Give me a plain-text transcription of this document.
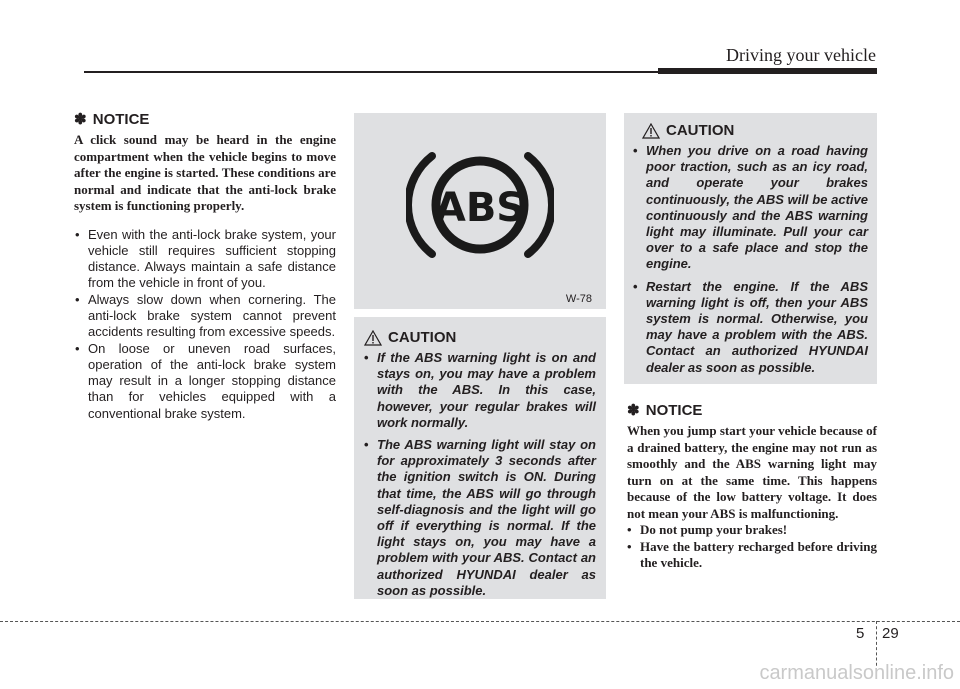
Driving your vehicle
✽ NOTICE

A click sound may be heard in the engine compartment when the vehicle begins to move after the engine is started. These conditions are normal and indicate that the anti-lock brake system is functioning properly.

• Even with the anti-lock brake system, your vehicle still requires sufficient stopping distance. Always maintain a safe distance from the vehicle in front of you.
• Always slow down when cornering. The anti-lock brake system cannot prevent accidents resulting from excessive speeds.
• On loose or uneven road surfaces, operation of the anti-lock brake system may result in a longer stopping distance than for vehicles equipped with a conventional brake system.
ABS
W-78
CAUTION
• If the ABS warning light is on and stays on, you may have a problem with the ABS. In this case, however, your regular brakes will work normally.
• The ABS warning light will stay on for approximately 3 seconds after the ignition switch is ON. During that time, the ABS will go through self-diagnosis and the light will go off if everything is normal. If the light stays on, you may have a problem with your ABS. Contact an authorized HYUNDAI dealer as soon as possible.
CAUTION
• When you drive on a road having poor traction, such as an icy road, and operate your brakes continuously, the ABS will be active continuously and the ABS warning light may illuminate. Pull your car over to a safe place and stop the engine.
• Restart the engine. If the ABS warning light is off, then your ABS system is normal. Otherwise, you may have a problem with the ABS. Contact an authorized HYUNDAI dealer as soon as possible.
✽ NOTICE

When you jump start your vehicle because of a drained battery, the engine may not run as smoothly and the ABS warning light may turn on at the same time. This happens because of the low battery voltage. It does not mean your ABS is malfunctioning.

• Do not pump your brakes!
• Have the battery recharged before driving the vehicle.
5 29
carmanualsonline.info
